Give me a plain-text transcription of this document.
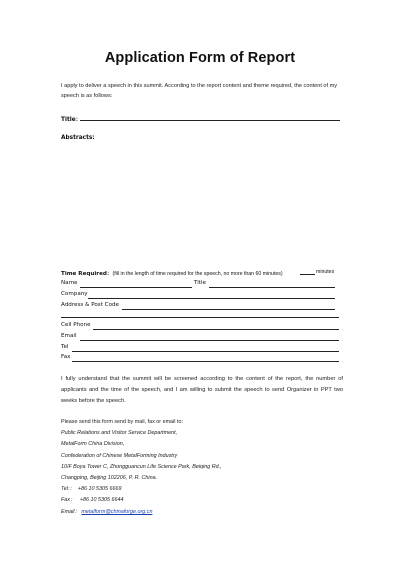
Application Form of Report
I apply to deliver a speech in this summit. According to the report content and theme required, the content of my speech is as follows:
Title：
Abstracts:
Time Required：(fill in the length of time required for the speech, no more than 60 minutes)	minutes
Name	Title
Company
Address & Post Code
Cell Phone
Email
Tel
Fax
I fully understand that the summit will be screened according to the content of the report, the number of applicants and the time of the speech, and I am willing to submit the speech to send Organizer in PPT two weeks before the speech.
Please send this form send by mail, fax or email to:
Public Relations and Visitor Service Department,
MetalForm China Division,
Confederation of Chinese MetalForming Industry
10/F Boya Tower C, Zhongguancun Life Science Park, Beiqing Rd.,
Changping, Beijing 102206, P. R. China.
Tel:： +86 10 5305 6669
Fax： +86 10 5305 6644
Email： metalform@chinaforge.org.cn
